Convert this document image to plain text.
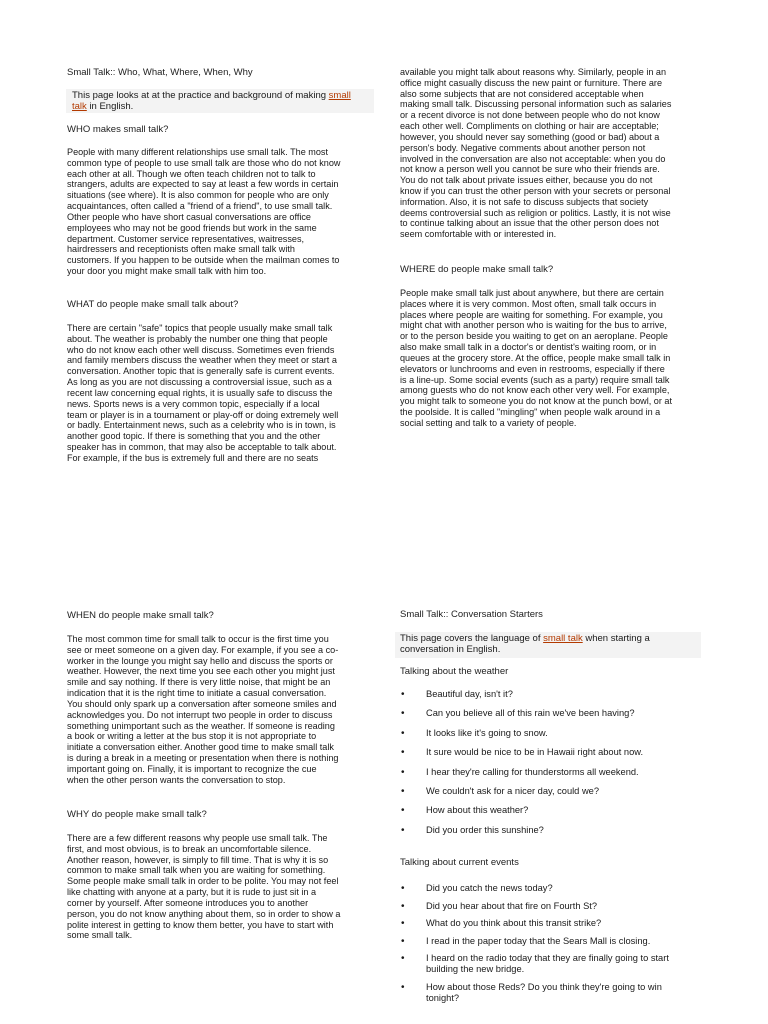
Small Talk:: Who, What, Where, When, Why
This page looks at at the practice and background of making small talk in English.
WHO makes small talk?
People with many different relationships use small talk. The most
common type of people to use small talk are those who do not know
each other at all. Though we often teach children not to talk to
strangers, adults are expected to say at least a few words in certain
situations (see where). It is also common for people who are only
acquaintances, often called a "friend of a friend", to use small talk.
Other people who have short casual conversations are office
employees who may not be good friends but work in the same
department. Customer service representatives, waitresses,
hairdressers and receptionists often make small talk with
customers. If you happen to be outside when the mailman comes to
your door you might make small talk with him too.
WHAT do people make small talk about?
There are certain "safe" topics that people usually make small talk
about. The weather is probably the number one thing that people
who do not know each other well discuss. Sometimes even friends
and family members discuss the weather when they meet or start a
conversation. Another topic that is generally safe is current events.
As long as you are not discussing a controversial issue, such as a
recent law concerning equal rights, it is usually safe to discuss the
news. Sports news is a very common topic, especially if a local
team or player is in a tournament or play-off or doing extremely well
or badly. Entertainment news, such as a celebrity who is in town, is
another good topic. If there is something that you and the other
speaker has in common, that may also be acceptable to talk about.
For example, if the bus is extremely full and there are no seats
available you might talk about reasons why. Similarly, people in an
office might casually discuss the new paint or furniture. There are
also some subjects that are not considered acceptable when
making small talk. Discussing personal information such as salaries
or a recent divorce is not done between people who do not know
each other well. Compliments on clothing or hair are acceptable;
however, you should never say something (good or bad) about a
person's body. Negative comments about another person not
involved in the conversation are also not acceptable: when you do
not know a person well you cannot be sure who their friends are.
You do not talk about private issues either, because you do not
know if you can trust the other person with your secrets or personal
information. Also, it is not safe to discuss subjects that society
deems controversial such as religion or politics. Lastly, it is not wise
to continue talking about an issue that the other person does not
seem comfortable with or interested in.
WHERE do people make small talk?
People make small talk just about anywhere, but there are certain
places where it is very common. Most often, small talk occurs in
places where people are waiting for something. For example, you
might chat with another person who is waiting for the bus to arrive,
or to the person beside you waiting to get on an aeroplane. People
also make small talk in a doctor's or dentist's waiting room, or in
queues at the grocery store. At the office, people make small talk in
elevators or lunchrooms and even in restrooms, especially if there
is a line-up. Some social events (such as a party) require small talk
among guests who do not know each other very well. For example,
you might talk to someone you do not know at the punch bowl, or at
the poolside. It is called "mingling" when people walk around in a
social setting and talk to a variety of people.
WHEN do people make small talk?
The most common time for small talk to occur is the first time you
see or meet someone on a given day. For example, if you see a co-
worker in the lounge you might say hello and discuss the sports or
weather. However, the next time you see each other you might just
smile and say nothing. If there is very little noise, that might be an
indication that it is the right time to initiate a casual conversation.
You should only spark up a conversation after someone smiles and
acknowledges you. Do not interrupt two people in order to discuss
something unimportant such as the weather. If someone is reading
a book or writing a letter at the bus stop it is not appropriate to
initiate a conversation either. Another good time to make small talk
is during a break in a meeting or presentation when there is nothing
important going on. Finally, it is important to recognize the cue
when the other person wants the conversation to stop.
WHY do people make small talk?
There are a few different reasons why people use small talk. The
first, and most obvious, is to break an uncomfortable silence.
Another reason, however, is simply to fill time. That is why it is so
common to make small talk when you are waiting for something.
Some people make small talk in order to be polite. You may not feel
like chatting with anyone at a party, but it is rude to just sit in a
corner by yourself. After someone introduces you to another
person, you do not know anything about them, so in order to show a
polite interest in getting to know them better, you have to start with
some small talk.
Small Talk:: Conversation Starters
This page covers the language of small talk when starting a
conversation in English.
Talking about the weather
• Beautiful day, isn't it?
• Can you believe all of this rain we've been having?
• It looks like it's going to snow.
• It sure would be nice to be in Hawaii right about now.
• I hear they're calling for thunderstorms all weekend.
• We couldn't ask for a nicer day, could we?
• How about this weather?
• Did you order this sunshine?
Talking about current events
• Did you catch the news today?
• Did you hear about that fire on Fourth St?
• What do you think about this transit strike?
• I read in the paper today that the Sears Mall is closing.
• I heard on the radio today that they are finally going to start
building the new bridge.
• How about those Reds? Do you think they're going to win
tonight?
